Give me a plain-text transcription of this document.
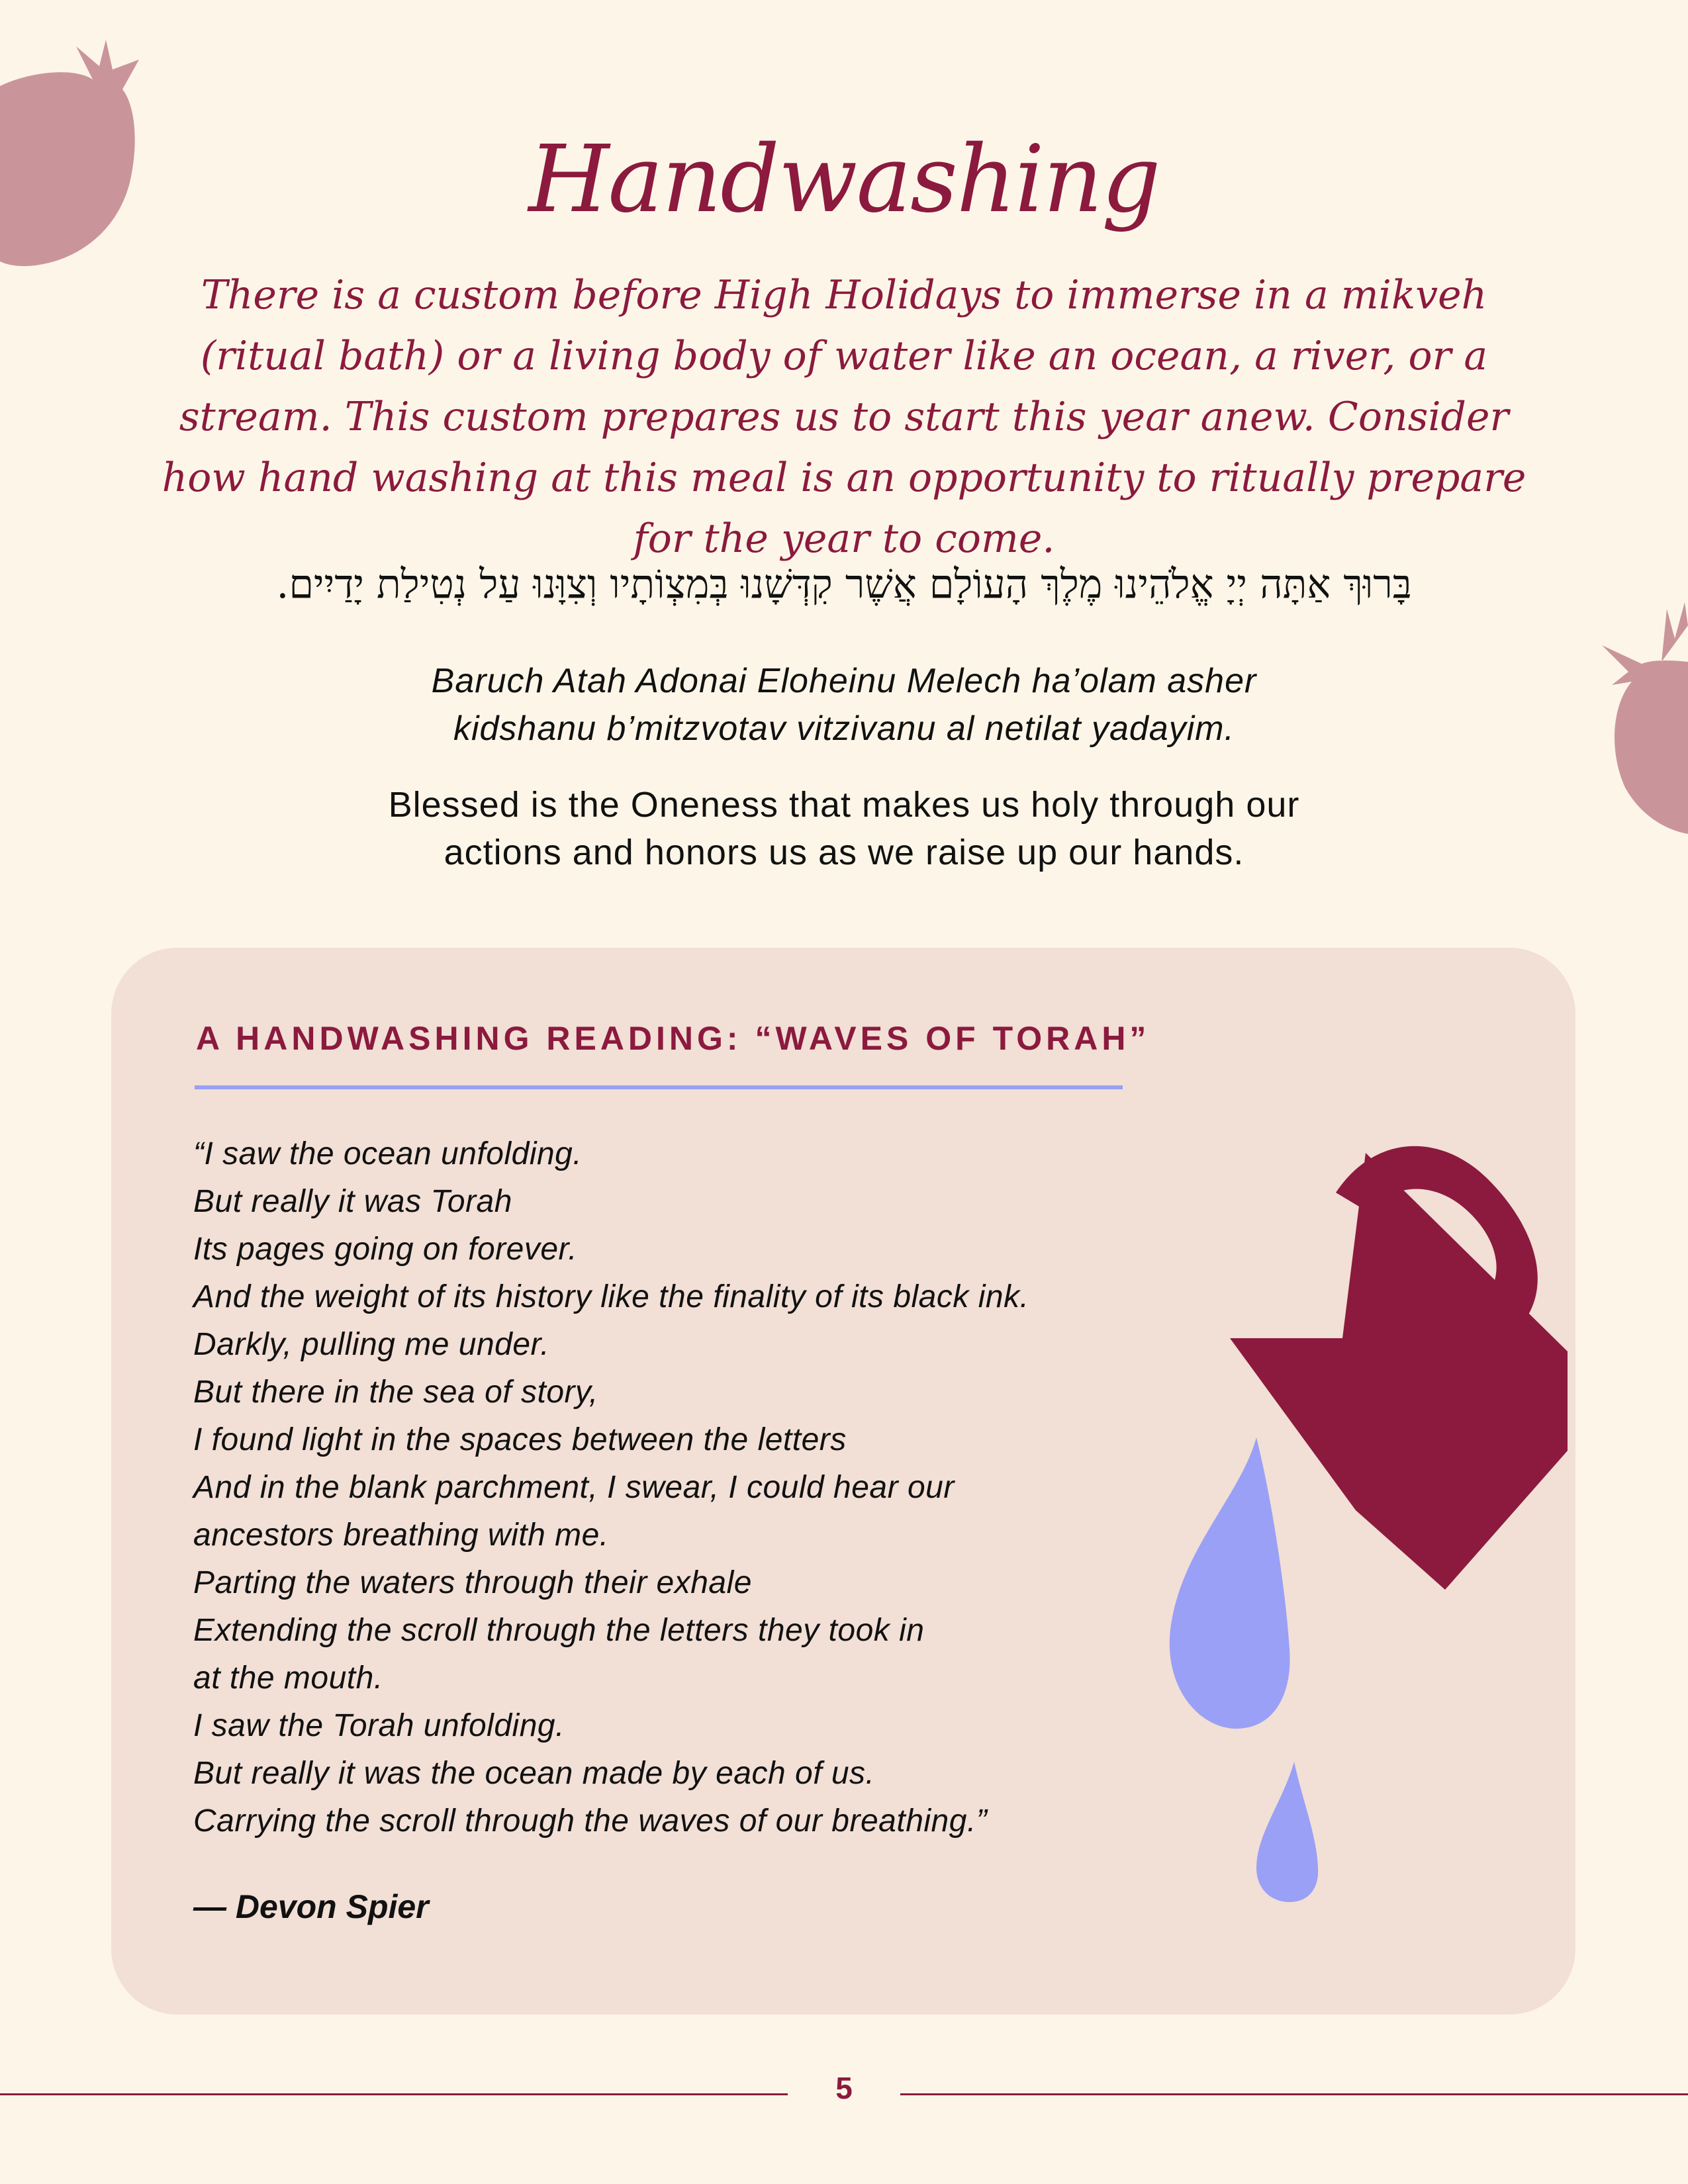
Handwashing
There is a custom before High Holidays to immerse in a mikveh (ritual bath) or a living body of water like an ocean, a river, or a stream. This custom prepares us to start this year anew. Consider how hand washing at this meal is an opportunity to ritually prepare for the year to come.
בָּרוּךְ אַתָּה יְיָ אֱלֹהֵינוּ מֶלֶךְ הָעוֹלָם אֲשֶׁר קִדְּשָׁנוּ בְּמִצְוֹתָיו וְצִוָּנוּ עַל נְטִילַת יָדַיִים.
Baruch Atah Adonai Eloheinu Melech ha’olam asher
kidshanu b’mitzvotav vitzivanu al netilat yadayim.
Blessed is the Oneness that makes us holy through our
actions and honors us as we raise up our hands.
A HANDWASHING READING: “WAVES OF TORAH”
“I saw the ocean unfolding.
But really it was Torah
Its pages going on forever.
And the weight of its history like the finality of its black ink.
Darkly, pulling me under.
But there in the sea of story,
I found light in the spaces between the letters
And in the blank parchment, I swear, I could hear our
ancestors breathing with me.
Parting the waters through their exhale
Extending the scroll through the letters they took in
at the mouth.
I saw the Torah unfolding.
But really it was the ocean made by each of us.
Carrying the scroll through the waves of our breathing.”
— Devon Spier
5
